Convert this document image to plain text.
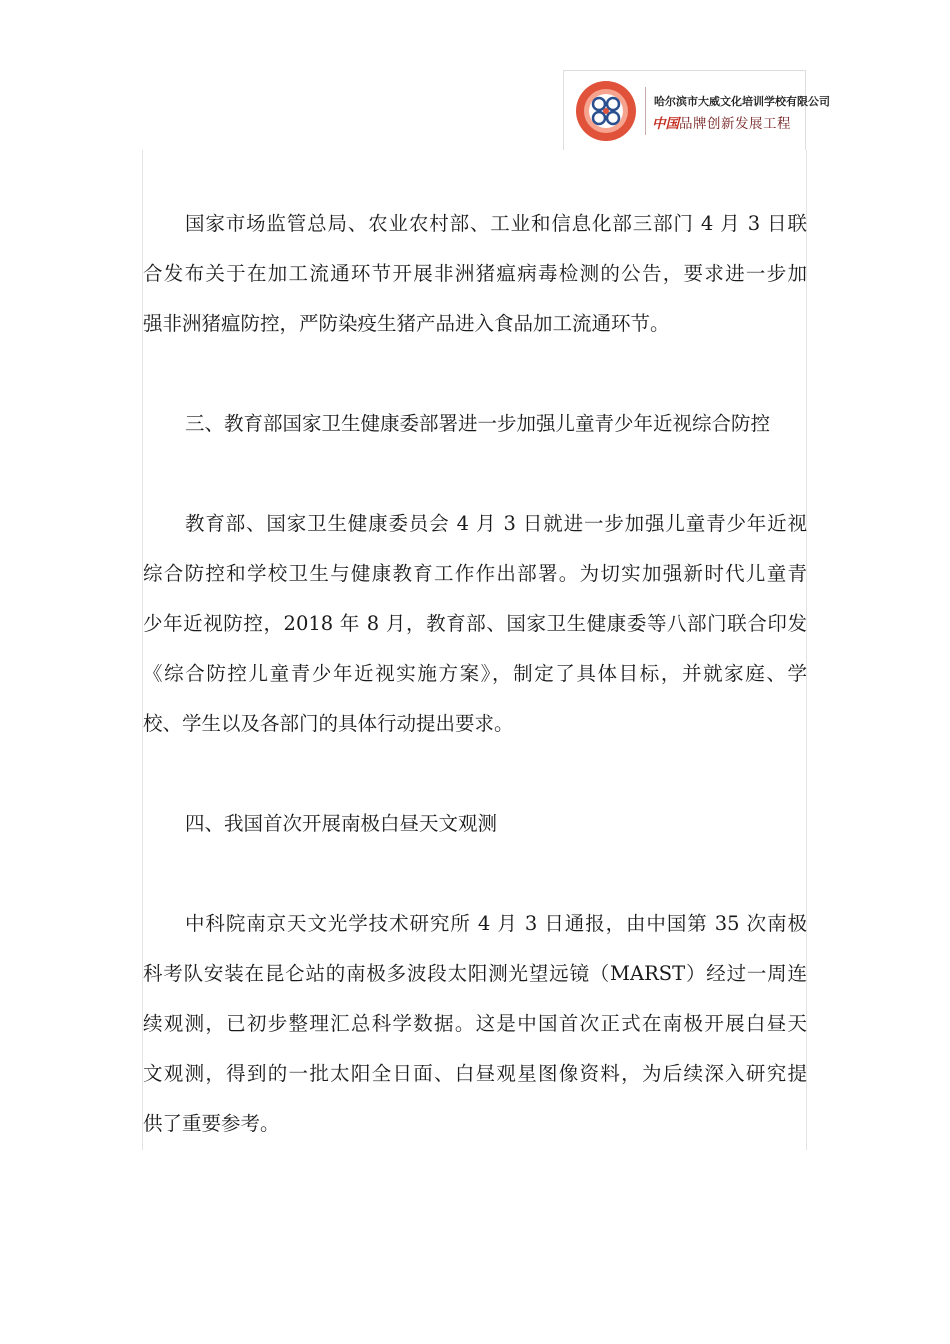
哈尔滨市大威文化培训学校有限公司
中国品牌创新发展工程
国家市场监管总局、农业农村部、工业和信息化部三部门 4 月 3 日联
合发布关于在加工流通环节开展非洲猪瘟病毒检测的公告，要求进一步加
强非洲猪瘟防控，严防染疫生猪产品进入食品加工流通环节。
三、教育部国家卫生健康委部署进一步加强儿童青少年近视综合防控
教育部、国家卫生健康委员会 4 月 3 日就进一步加强儿童青少年近视
综合防控和学校卫生与健康教育工作作出部署。为切实加强新时代儿童青
少年近视防控，2018 年 8 月，教育部、国家卫生健康委等八部门联合印发
《综合防控儿童青少年近视实施方案》，制定了具体目标，并就家庭、学
校、学生以及各部门的具体行动提出要求。
四、我国首次开展南极白昼天文观测
中科院南京天文光学技术研究所 4 月 3 日通报，由中国第 35 次南极
科考队安装在昆仑站的南极多波段太阳测光望远镜（MARST）经过一周连
续观测，已初步整理汇总科学数据。这是中国首次正式在南极开展白昼天
文观测，得到的一批太阳全日面、白昼观星图像资料，为后续深入研究提
供了重要参考。
